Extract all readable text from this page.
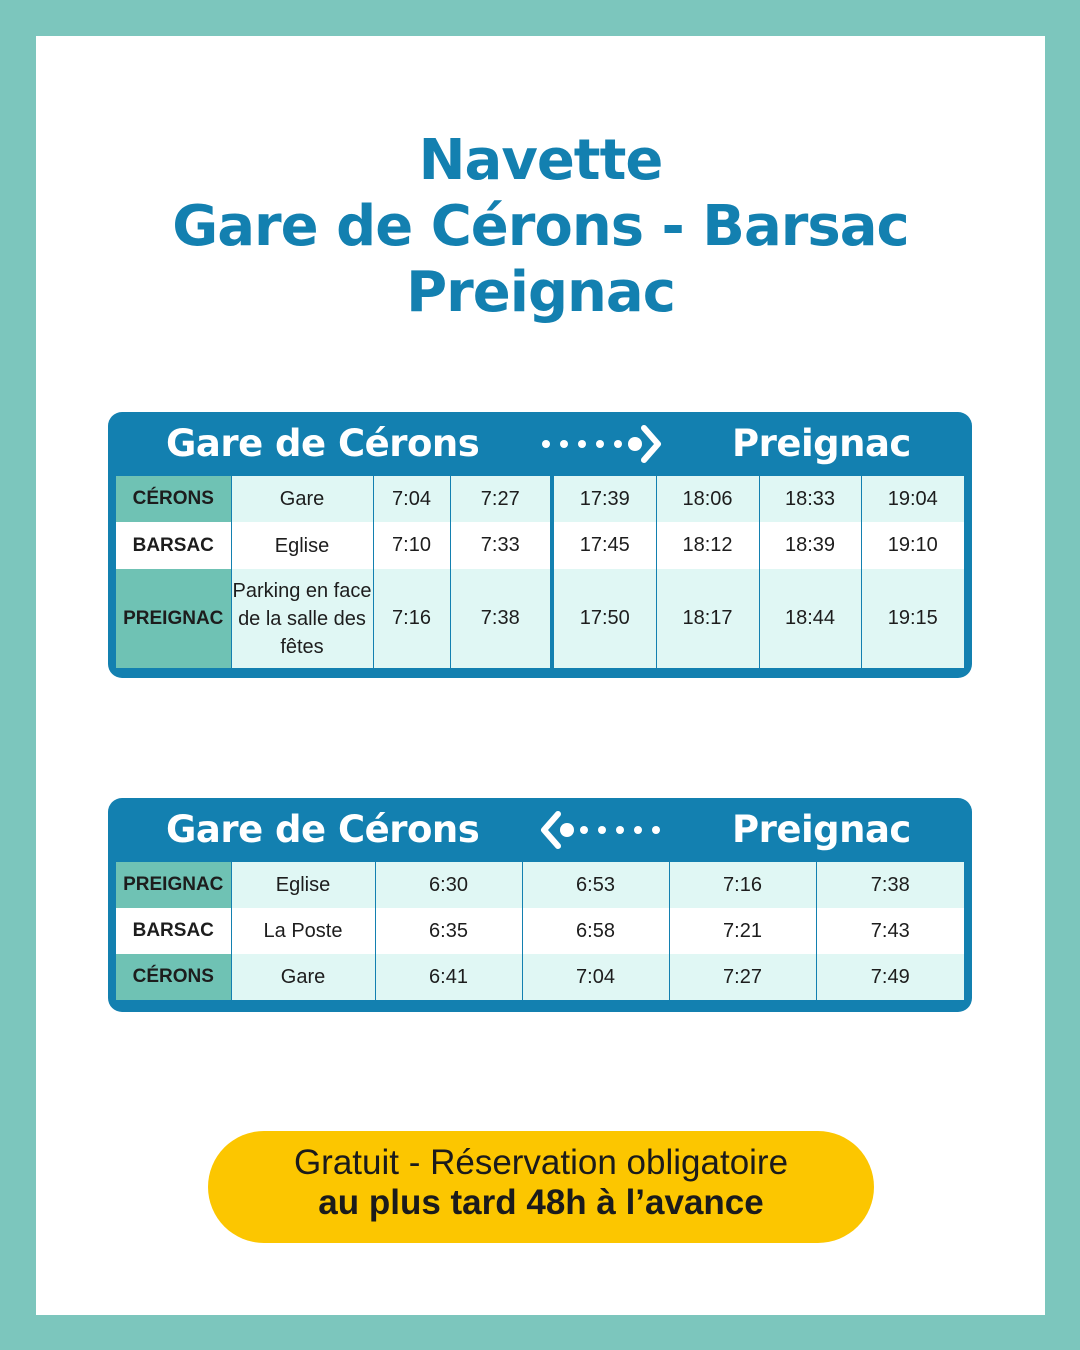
Navette
Gare de Cérons - Barsac
Preignac
Gare de Cérons	Preignac
CÉRONS	Gare	7:04	7:27	17:39	18:06	18:33	19:04
BARSAC	Eglise	7:10	7:33	17:45	18:12	18:39	19:10
PREIGNAC	Parking en face de la salle des fêtes	7:16	7:38	17:50	18:17	18:44	19:15
Gare de Cérons	Preignac
PREIGNAC	Eglise	6:30	6:53	7:16	7:38
BARSAC	La Poste	6:35	6:58	7:21	7:43
CÉRONS	Gare	6:41	7:04	7:27	7:49
Gratuit - Réservation obligatoire
au plus tard 48h à l’avance
